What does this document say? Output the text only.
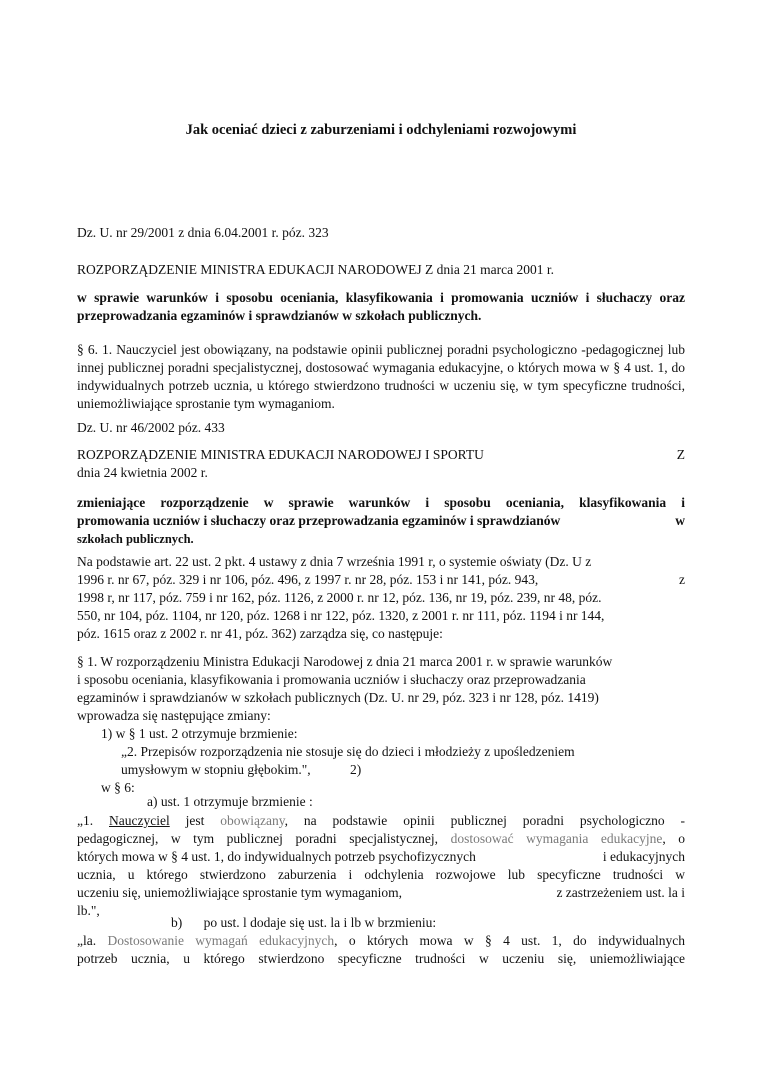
Jak oceniać dzieci z zaburzeniami i odchyleniami rozwojowymi
Dz. U. nr 29/2001 z dnia 6.04.2001 r. póz. 323
ROZPORZĄDZENIE MINISTRA EDUKACJI NARODOWEJ Z dnia 21 marca 2001 r.
w sprawie warunków i sposobu oceniania, klasyfikowania i promowania uczniów i słuchaczy oraz przeprowadzania egzaminów i sprawdzianów w szkołach publicznych.
§ 6. 1. Nauczyciel jest obowiązany, na podstawie opinii publicznej poradni psychologiczno -pedagogicznej lub innej publicznej poradni specjalistycznej, dostosować wymagania edukacyjne, o których mowa w § 4 ust. 1, do indywidualnych potrzeb ucznia, u którego stwierdzono trudności w uczeniu się, w tym specyficzne trudności, uniemożliwiające sprostanie tym wymaganiom.
Dz. U. nr 46/2002 póz. 433
ROZPORZĄDZENIE MINISTRA EDUKACJI NARODOWEJ I SPORTU	Z
dnia 24 kwietnia 2002 r.
zmieniające rozporządzenie w sprawie warunków i sposobu oceniania, klasyfikowania i
promowania uczniów i słuchaczy oraz przeprowadzania egzaminów i sprawdzianów	w
szkołach publicznych.
Na podstawie art. 22 ust. 2 pkt. 4 ustawy z dnia 7 września 1991 r, o systemie oświaty (Dz. U z
1996 r. nr 67, póz. 329 i nr 106, póz. 496, z 1997 r. nr 28, póz. 153 i nr 141, póz. 943,	z
1998 r, nr 117, póz. 759 i nr 162, póz. 1126, z 2000 r. nr 12, póz. 136, nr 19, póz. 239, nr 48, póz.
550, nr 104, póz. 1104, nr 120, póz. 1268 i nr 122, póz. 1320, z 2001 r. nr 111, póz. 1194 i nr 144,
póz. 1615 oraz z 2002 r. nr 41, póz. 362) zarządza się, co następuje:
§ 1. W rozporządzeniu Ministra Edukacji Narodowej z dnia 21 marca 2001 r. w sprawie warunków
i sposobu oceniania, klasyfikowania i promowania uczniów i słuchaczy oraz przeprowadzania
egzaminów i sprawdzianów w szkołach publicznych (Dz. U. nr 29, póz. 323 i nr 128, póz. 1419)
wprowadza się następujące zmiany:
1) w § 1 ust. 2 otrzymuje brzmienie:
„2. Przepisów rozporządzenia nie stosuje się do dzieci i młodzieży z upośledzeniem
umysłowym w stopniu głębokim.",	2)
w § 6:
a) ust. 1 otrzymuje brzmienie :
„1. Nauczyciel jest obowiązany, na podstawie opinii publicznej poradni psychologiczno -
pedagogicznej, w tym publicznej poradni specjalistycznej, dostosować wymagania edukacyjne, o
których mowa w § 4 ust. 1, do indywidualnych potrzeb psychofizycznych	i edukacyjnych
ucznia, u którego stwierdzono zaburzenia i odchylenia rozwojowe lub specyficzne trudności w
uczeniu się, uniemożliwiające sprostanie tym wymaganiom,	z zastrzeżeniem ust. la i
lb.",
b) po ust. l dodaje się ust. la i lb w brzmieniu:
„la. Dostosowanie wymagań edukacyjnych, o których mowa w § 4 ust. 1, do indywidualnych
potrzeb ucznia, u którego stwierdzono specyficzne trudności w uczeniu się, uniemożliwiające
